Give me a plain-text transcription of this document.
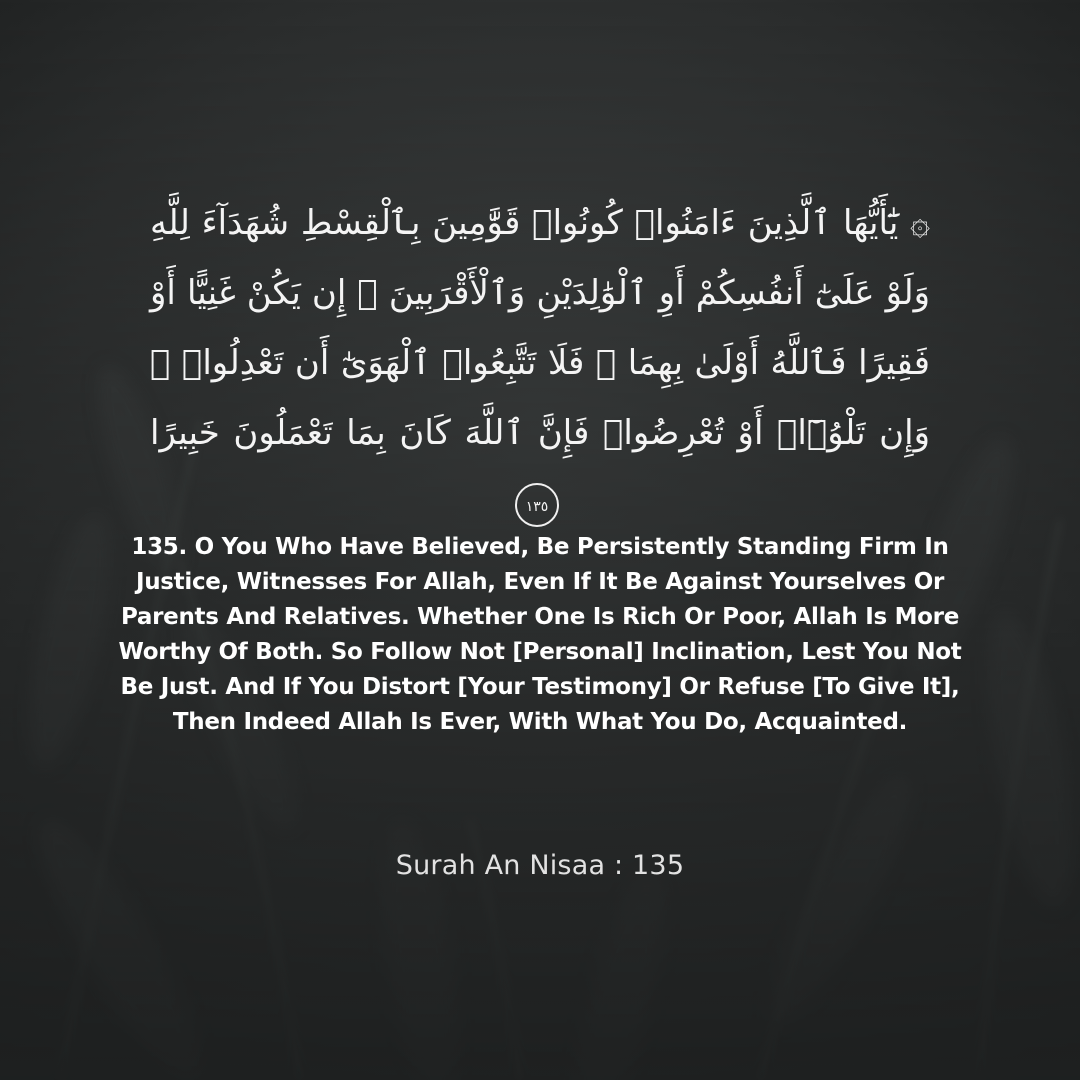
۞ يَٰٓأَيُّهَا ٱلَّذِينَ ءَامَنُوا۟ كُونُوا۟ قَوَّٰمِينَ بِٱلْقِسْطِ شُهَدَآءَ لِلَّهِ وَلَوْ عَلَىٰٓ أَنفُسِكُمْ أَوِ ٱلْوَٰلِدَيْنِ وَٱلْأَقْرَبِينَ ۚ إِن يَكُنْ غَنِيًّا أَوْ فَقِيرًا فَٱللَّهُ أَوْلَىٰ بِهِمَا ۖ فَلَا تَتَّبِعُوا۟ ٱلْهَوَىٰٓ أَن تَعْدِلُوا۟ ۚ وَإِن تَلْوُۥٓا۟ أَوْ تُعْرِضُوا۟ فَإِنَّ ٱللَّهَ كَانَ بِمَا تَعْمَلُونَ خَبِيرًا ١٣٥

135. O You Who Have Believed, Be Persistently Standing Firm In Justice, Witnesses For Allah, Even If It Be Against Yourselves Or Parents And Relatives. Whether One Is Rich Or Poor, Allah Is More Worthy Of Both. So Follow Not [Personal] Inclination, Lest You Not Be Just. And If You Distort [Your Testimony] Or Refuse [To Give It], Then Indeed Allah Is Ever, With What You Do, Acquainted.

Surah An Nisaa : 135
